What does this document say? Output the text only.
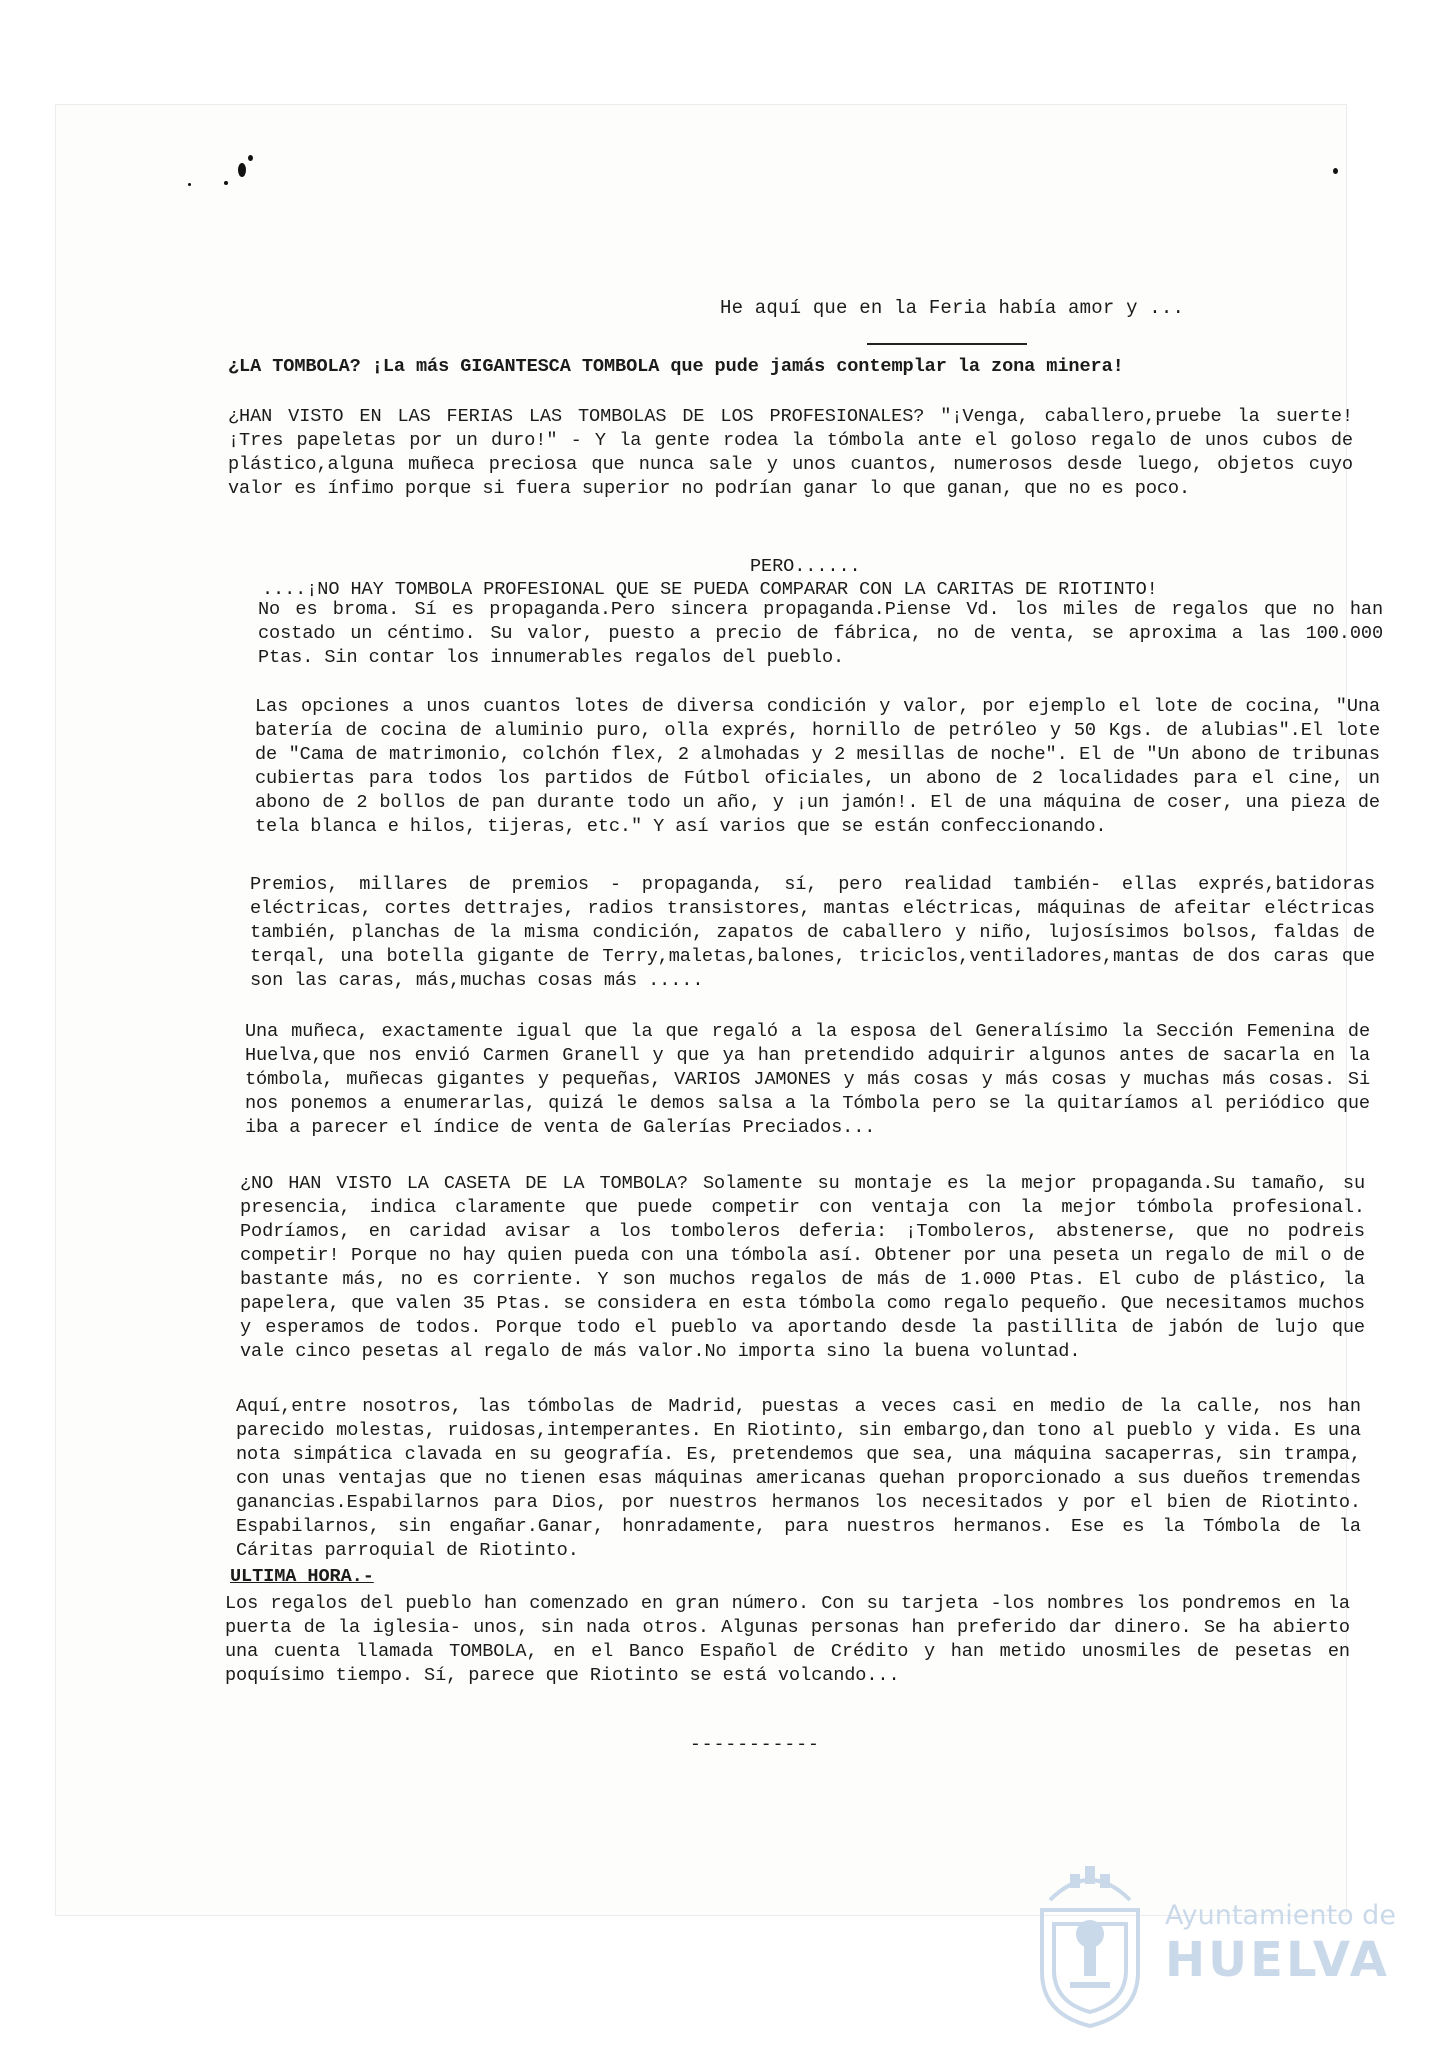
He aquí que en la Feria había amor y ...
¿LA TOMBOLA? ¡La más GIGANTESCA TOMBOLA que pude jamás contemplar la zona minera!
¿HAN VISTO EN LAS FERIAS LAS TOMBOLAS DE LOS PROFESIONALES? "¡Venga, caballero,pruebe la suerte! ¡Tres papeletas por un duro!" - Y la gente rodea la tómbola ante el goloso regalo de unos cubos de plástico,alguna muñeca preciosa que nunca sale y unos cuantos, numerosos desde luego, objetos cuyo valor es ínfimo porque si fuera superior no podrían ganar lo que ganan, que no es poco.
PERO......
....¡NO HAY TOMBOLA PROFESIONAL QUE SE PUEDA COMPARAR CON LA CARITAS DE RIOTINTO!
No es broma. Sí es propaganda.Pero sincera propaganda.Piense Vd. los miles de regalos que no han costado un céntimo. Su valor, puesto a precio de fábrica, no de venta, se aproxima a las 100.000 Ptas. Sin contar los innumerables regalos del pueblo.
Las opciones a unos cuantos lotes de diversa condición y valor, por ejemplo el lote de cocina, "Una batería de cocina de aluminio puro, olla exprés, hornillo de petróleo y 50 Kgs. de alubias".El lote de "Cama de matrimonio, colchón flex, 2 almohadas y 2 mesillas de noche". El de "Un abono de tribunas cubiertas para todos los partidos de Fútbol oficiales, un abono de 2 localidades para el cine, un abono de 2 bollos de pan durante todo un año, y ¡un jamón!. El de una máquina de coser, una pieza de tela blanca e hilos, tijeras, etc." Y así varios que se están confeccionando.
Premios, millares de premios - propaganda, sí, pero realidad también- ellas exprés,batidoras eléctricas, cortes dettrajes, radios transistores, mantas eléctricas, máquinas de afeitar eléctricas también, planchas de la misma condición, zapatos de caballero y niño, lujosísimos bolsos, faldas de terqal, una botella gigante de Terry,maletas,balones, triciclos,ventiladores,mantas de dos caras que son las caras, más,muchas cosas más .....
Una muñeca, exactamente igual que la que regaló a la esposa del Generalísimo la Sección Femenina de Huelva,que nos envió Carmen Granell y que ya han pretendido adquirir algunos antes de sacarla en la tómbola, muñecas gigantes y pequeñas, VARIOS JAMONES y más cosas y más cosas y muchas más cosas. Si nos ponemos a enumerarlas, quizá le demos salsa a la Tómbola pero se la quitaríamos al periódico que iba a parecer el índice de venta de Galerías Preciados...
¿NO HAN VISTO LA CASETA DE LA TOMBOLA? Solamente su montaje es la mejor propaganda.Su tamaño, su presencia, indica claramente que puede competir con ventaja con la mejor tómbola profesional. Podríamos, en caridad avisar a los tomboleros deferia: ¡Tomboleros, abstenerse, que no podreis competir! Porque no hay quien pueda con una tómbola así. Obtener por una peseta un regalo de mil o de bastante más, no es corriente. Y son muchos regalos de más de 1.000 Ptas. El cubo de plástico, la papelera, que valen 35 Ptas. se considera en esta tómbola como regalo pequeño. Que necesitamos muchos y esperamos de todos. Porque todo el pueblo va aportando desde la pastillita de jabón de lujo que vale cinco pesetas al regalo de más valor.No importa sino la buena voluntad.
Aquí,entre nosotros, las tómbolas de Madrid, puestas a veces casi en medio de la calle, nos han parecido molestas, ruidosas,intemperantes. En Riotinto, sin embargo,dan tono al pueblo y vida. Es una nota simpática clavada en su geografía. Es, pretendemos que sea, una máquina sacaperras, sin trampa, con unas ventajas que no tienen esas máquinas americanas quehan proporcionado a sus dueños tremendas ganancias.Espabilarnos para Dios, por nuestros hermanos los necesitados y por el bien de Riotinto. Espabilarnos, sin engañar.Ganar, honradamente, para nuestros hermanos. Ese es la Tómbola de la Cáritas parroquial de Riotinto.
ULTIMA HORA.-
Los regalos del pueblo han comenzado en gran número. Con su tarjeta -los nombres los pondremos en la puerta de la iglesia- unos, sin nada otros. Algunas personas han preferido dar dinero. Se ha abierto una cuenta llamada TOMBOLA, en el Banco Español de Crédito y han metido unosmiles de pesetas en poquísimo tiempo. Sí, parece que Riotinto se está volcando...
-----------
Ayuntamiento de
HUELVA
